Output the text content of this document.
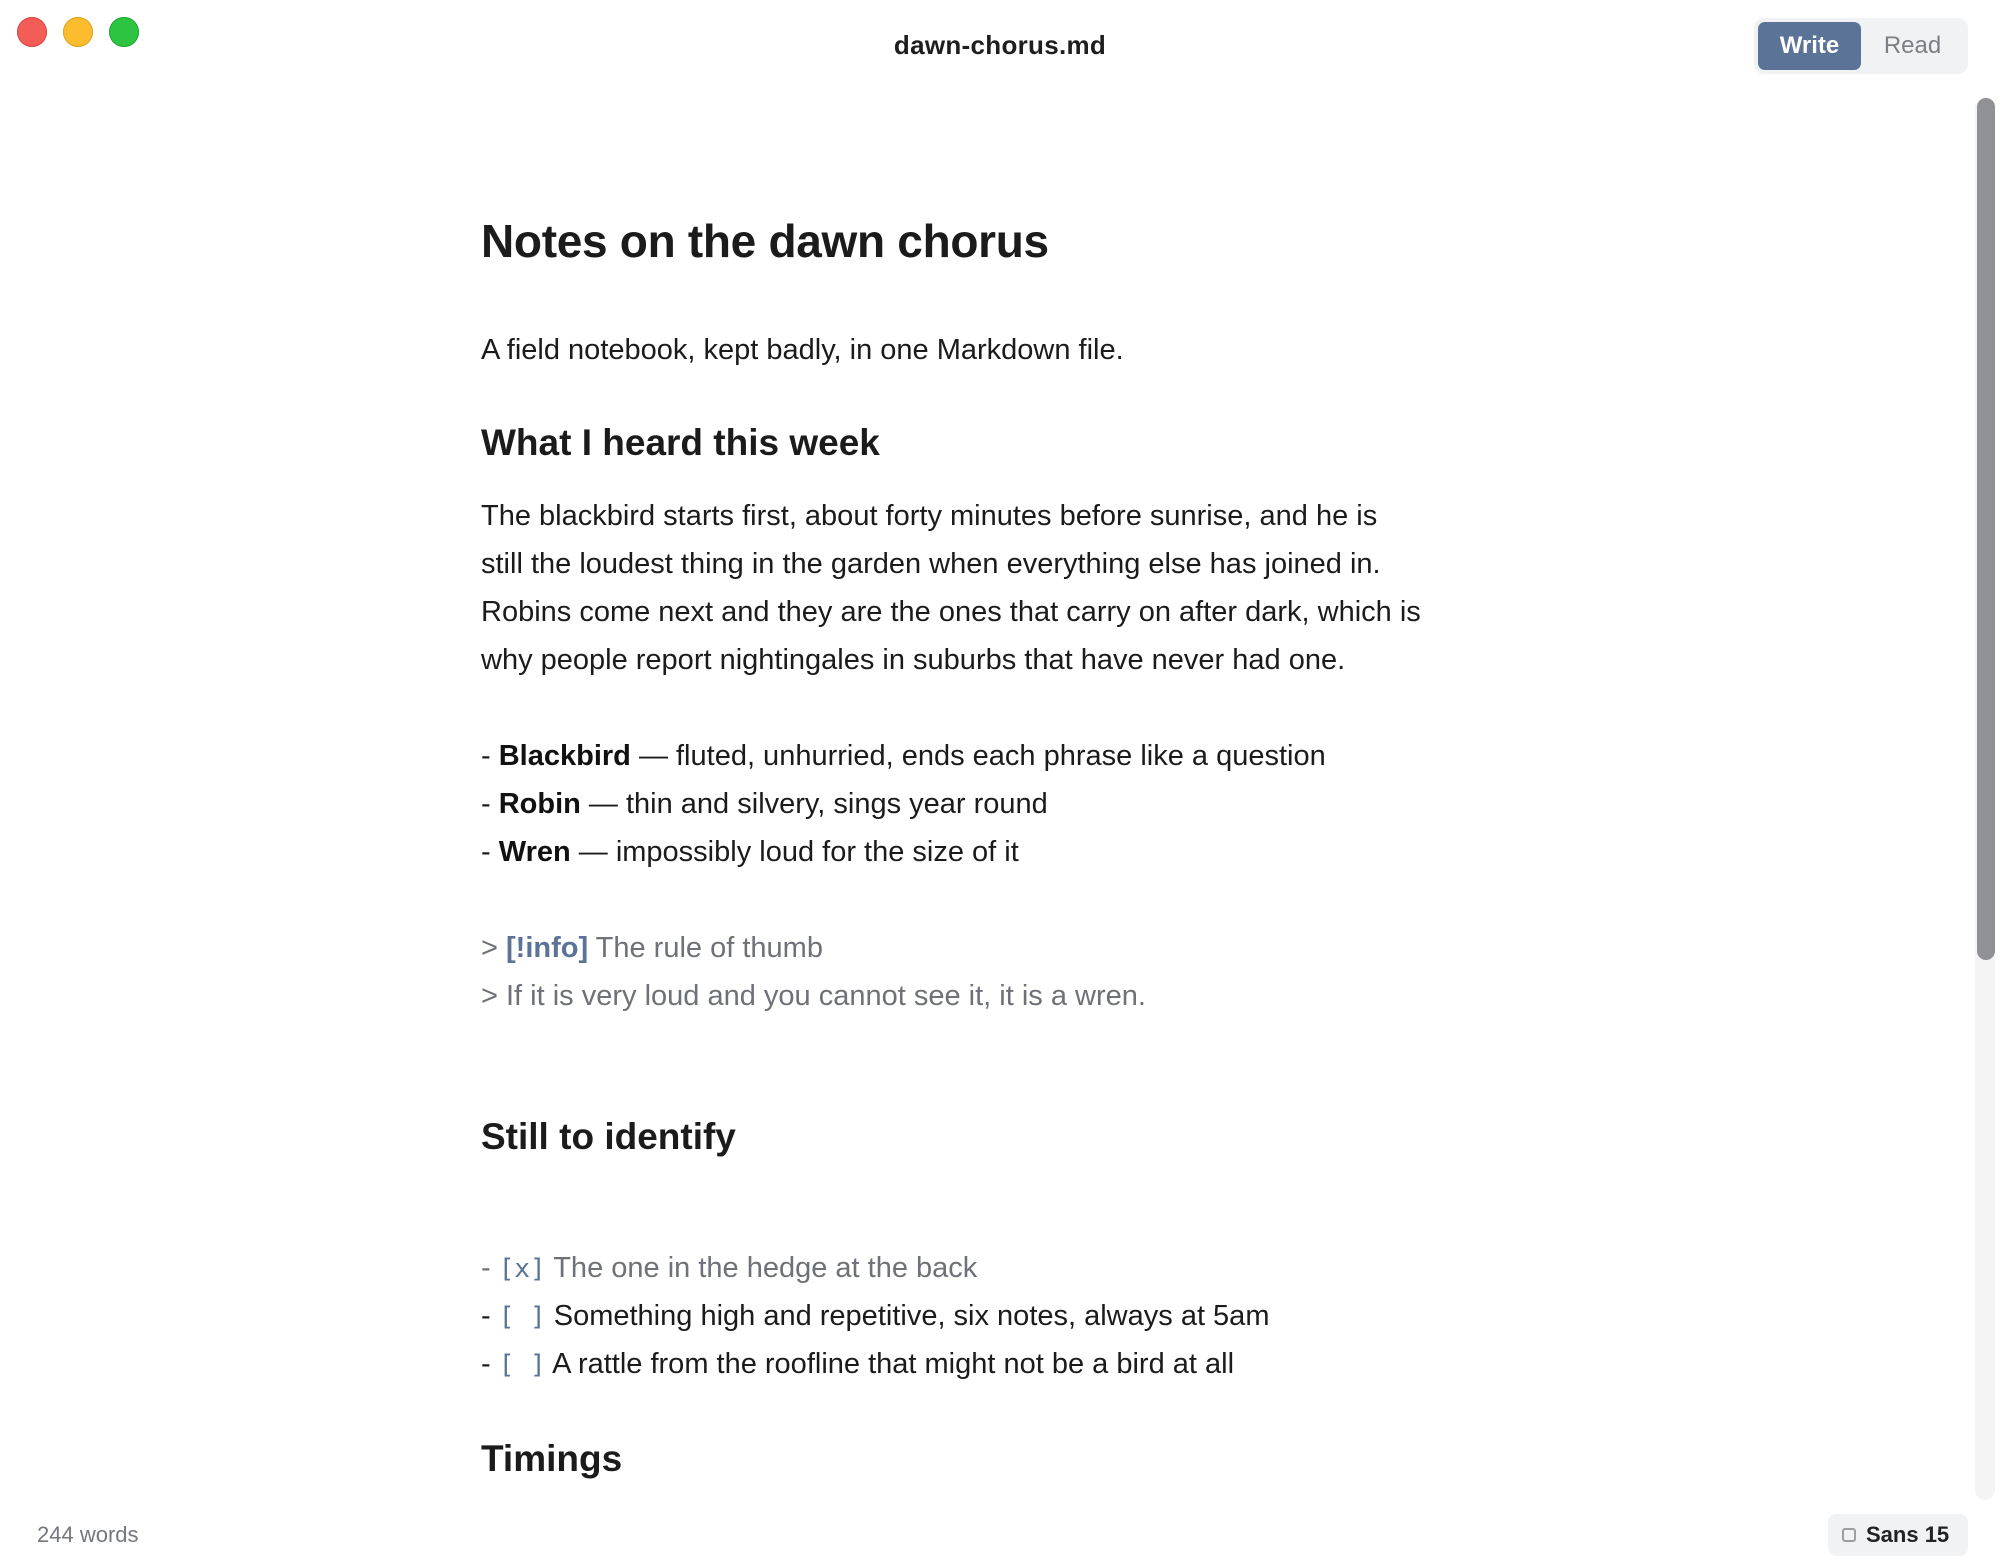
dawn-chorus.md	Write	Read
Notes on the dawn chorus
A field notebook, kept badly, in one Markdown file.
What I heard this week
The blackbird starts first, about forty minutes before sunrise, and he is
still the loudest thing in the garden when everything else has joined in.
Robins come next and they are the ones that carry on after dark, which is
why people report nightingales in suburbs that have never had one.
- Blackbird — fluted, unhurried, ends each phrase like a question
- Robin — thin and silvery, sings year round
- Wren — impossibly loud for the size of it
> [!info] The rule of thumb
> If it is very loud and you cannot see it, it is a wren.
Still to identify
- [x] The one in the hedge at the back
- [ ] Something high and repetitive, six notes, always at 5am
- [ ] A rattle from the roofline that might not be a bird at all
Timings
244 words	Sans 15
